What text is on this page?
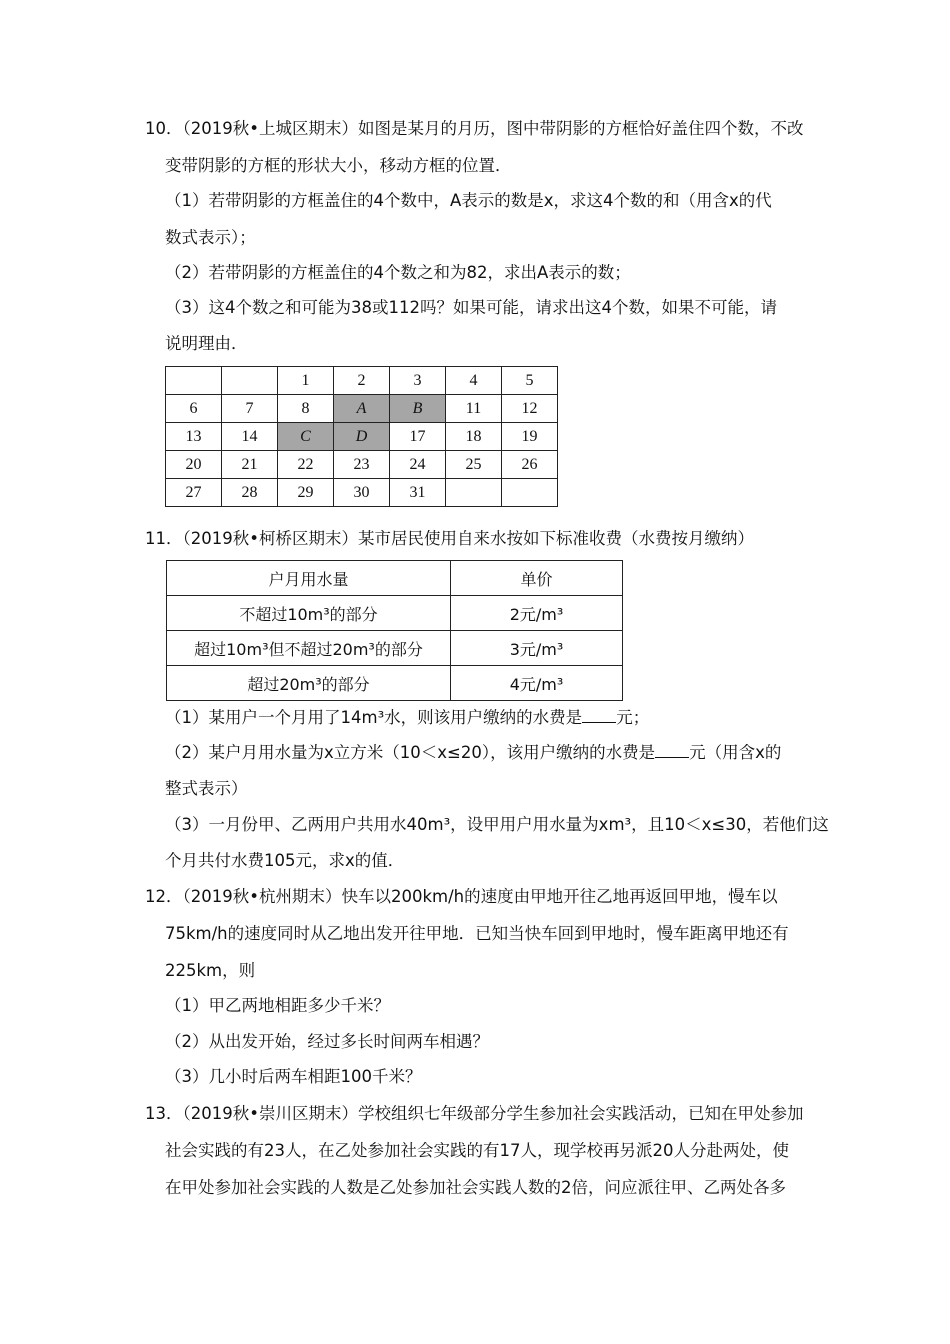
10．（2019秋•上城区期末）如图是某月的月历，图中带阴影的方框恰好盖住四个数，不改
变带阴影的方框的形状大小，移动方框的位置．
（1）若带阴影的方框盖住的4个数中，A表示的数是x，求这4个数的和（用含x的代
数式表示）；
（2）若带阴影的方框盖住的4个数之和为82，求出A表示的数；
（3）这4个数之和可能为38或112吗？如果可能，请求出这4个数，如果不可能，请
说明理由．
		1	2	3	4	5
6	7	8	A	B	11	12
13	14	C	D	17	18	19
20	21	22	23	24	25	26
27	28	29	30	31		
11．（2019秋•柯桥区期末）某市居民使用自来水按如下标准收费（水费按月缴纳）
户月用水量	单价
不超过10m³的部分	2元/m³
超过10m³但不超过20m³的部分	3元/m³
超过20m³的部分	4元/m³
（1）某用户一个月用了14m³水，则该用户缴纳的水费是 元；
（2）某户月用水量为x立方米（10＜x≤20），该用户缴纳的水费是 元（用含x的
整式表示）
（3）一月份甲、乙两用户共用水40m³，设甲用户用水量为xm³，且10＜x≤30，若他们这
个月共付水费105元，求x的值．
12．（2019秋•杭州期末）快车以200km/h的速度由甲地开往乙地再返回甲地，慢车以
75km/h的速度同时从乙地出发开往甲地．已知当快车回到甲地时，慢车距离甲地还有
225km，则
（1）甲乙两地相距多少千米？
（2）从出发开始，经过多长时间两车相遇？
（3）几小时后两车相距100千米？
13．（2019秋•崇川区期末）学校组织七年级部分学生参加社会实践活动，已知在甲处参加
社会实践的有23人，在乙处参加社会实践的有17人，现学校再另派20人分赴两处，使
在甲处参加社会实践的人数是乙处参加社会实践人数的2倍，问应派往甲、乙两处各多
